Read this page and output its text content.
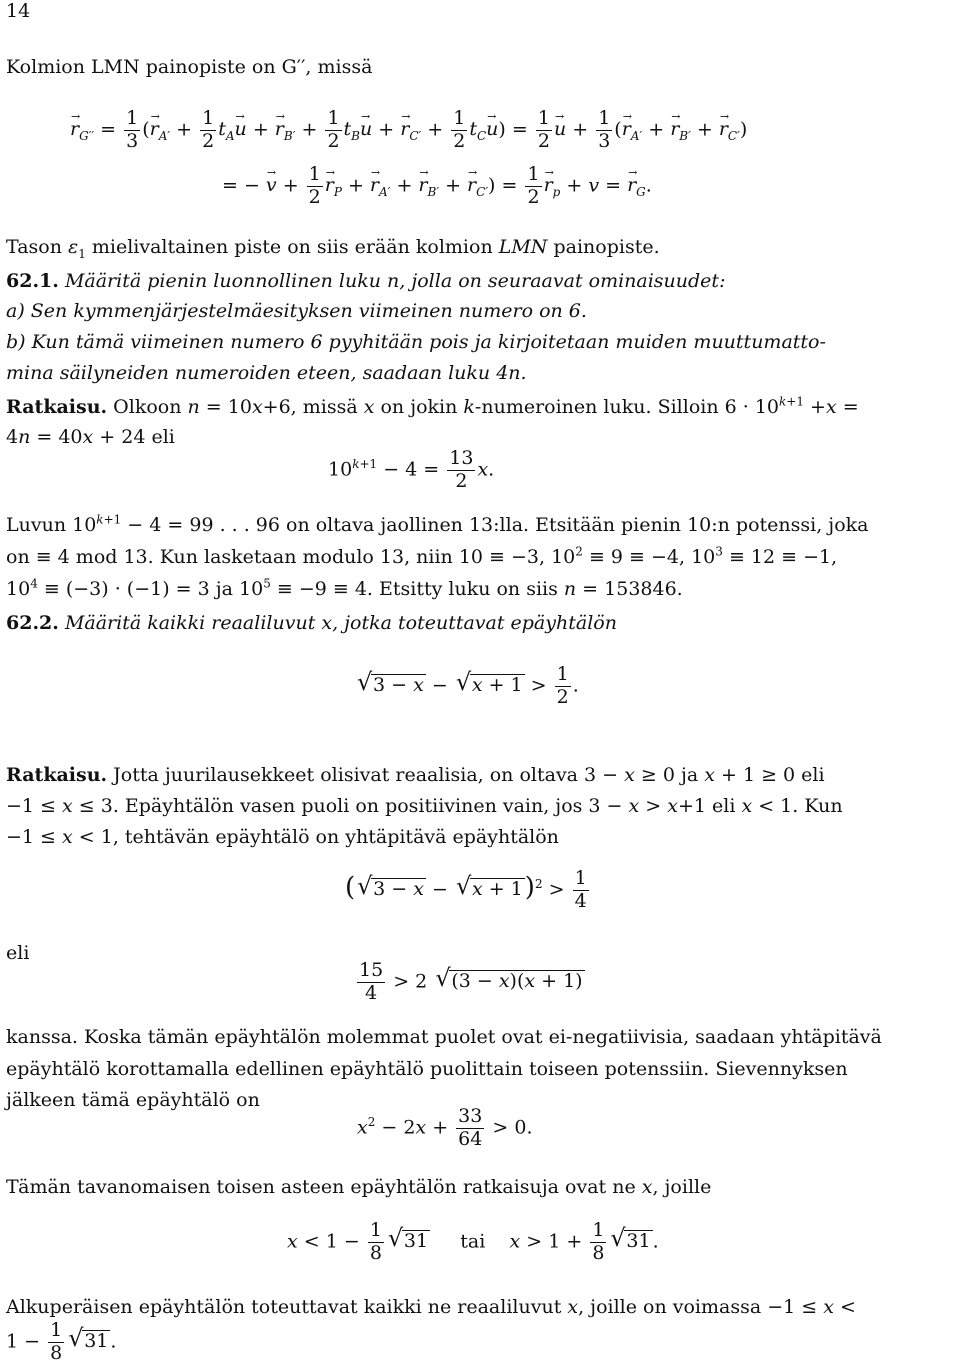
14
Kolmion LMN painopiste on G′′, missä
→ $r_{G''} = \frac{1}{3}$ (→ $r_{A'} + \frac{1}{2} t_A\to u$ + → $r_{B'} + \frac{1}{2} t_B\to u$ + → $r_{C'} + \frac{1}{2} t_C\to u) = \frac{1}{2}$
→ $u + \frac{1}{3}$ (→ $r_{A'}$ + → $r_{B'}$ + → $r_{C'}$)
= − → $v + \frac{1}{2}$
→ $r_P$ + → $r_{A'}$ + → $r_{B'}$ + → $r_{C'}) = \frac{1}{2}$
→ $r_p + v$ = → $r_G$.
Tason $\varepsilon_1$ mielivaltainen piste on siis erään kolmion LMN painopiste.
62.1. Määritä pienin luonnollinen luku n, jolla on seuraavat ominaisuudet:
a) Sen kymmenjärjestelmäesityksen viimeinen numero on 6.
b) Kun tämä viimeinen numero 6 pyyhitään pois ja kirjoitetaan muiden muuttumatto-
mina säilyneiden numeroiden eteen, saadaan luku 4n.
Ratkaisu. Olkoon n = 10x+6, missä x on jokin k-numeroinen luku. Silloin $6 \cdot 10^{k+1} +x$ =
4n = 40x + 24 eli
$10^{k+1} - 4 = \frac{13}{2} x$.
Luvun $10^{k+1} - 4 = 99$ . . . 96 on oltava jaollinen 13:lla. Etsitään pienin 10:n potenssi, joka
on ≡ 4 mod 13. Kun lasketaan modulo 13, niin 10 ≡ −3, $10^2 \equiv 9 \equiv -4$, $10^3 \equiv 12 \equiv -1$,
$10^4 \equiv (-3) \cdot (-1) = 3$ ja $10^5 \equiv -9 \equiv 4$. Etsitty luku on siis n = 153846.
62.2. Määritä kaikki reaaliluvut x, jotka toteuttavat epäyhtälön
√ 3 − x − √ $x + 1 > \frac{1}{2}$ .
Ratkaisu. Jotta juurilausekkeet olisivat reaalisia, on oltava 3 − x ≥ 0 ja x + 1 ≥ 0 eli
−1 ≤ x ≤ 3. Epäyhtälön vasen puoli on positiivinen vain, jos 3 − x > x+1 eli x < 1. Kun
−1 ≤ x < 1, tehtävän epäyhtälö on yhtäpitävä epäyhtälön
(√ 3 − x − √ $x + 1)^2 > \frac{1}{4}$
eli
$\frac{15}{4} > 2$ √ (3 − x)(x + 1)
kanssa. Koska tämän epäyhtälön molemmat puolet ovat ei-negatiivisia, saadaan yhtäpitävä
epäyhtälö korottamalla edellinen epäyhtälö puolittain toiseen potenssiin. Sievennyksen
jälkeen tämä epäyhtälö on
$x^2 - 2x + \frac{33}{64} > 0$.
Tämän tavanomaisen toisen asteen epäyhtälön ratkaisuja ovat ne x, joille
$x < 1 - \frac{1}{8}$
√ 31     tai    $x > 1 + \frac{1}{8}$
√ 31 .
Alkuperäisen epäyhtälön toteuttavat kaikki ne reaaliluvut x, joille on voimassa −1 ≤ x <
$1 - \frac{1}{8}$
√ 31 .
